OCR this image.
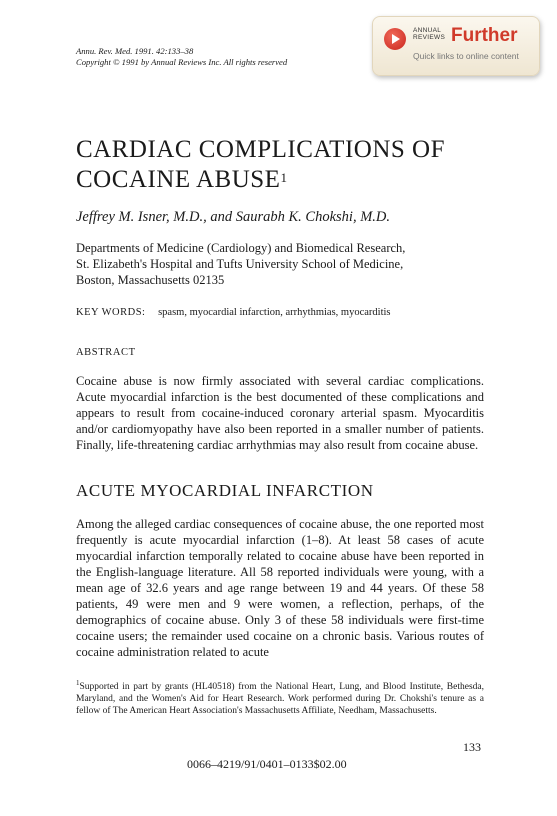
Annu. Rev. Med. 1991. 42:133–38
Copyright © 1991 by Annual Reviews Inc. All rights reserved
ANNUAL
REVIEWS Further
Quick links to online content
CARDIAC COMPLICATIONS OF
COCAINE ABUSE$^1$
Jeffrey M. Isner, M.D., and Saurabh K. Chokshi, M.D.
Departments of Medicine (Cardiology) and Biomedical Research,
St. Elizabeth's Hospital and Tufts University School of Medicine,
Boston, Massachusetts 02135
KEY WORDS: spasm, myocardial infarction, arrhythmias, myocarditis
ABSTRACT
Cocaine abuse is now firmly associated with several cardiac complications. Acute myocardial infarction is the best documented of these complications and appears to result from cocaine-induced coronary arterial spasm. Myocarditis and/or cardiomyopathy have also been reported in a smaller number of patients. Finally, life-threatening cardiac arrhythmias may also result from cocaine abuse.
ACUTE MYOCARDIAL INFARCTION
Among the alleged cardiac consequences of cocaine abuse, the one reported most frequently is acute myocardial infarction (1–8). At least 58 cases of acute myocardial infarction temporally related to cocaine abuse have been reported in the English-language literature. All 58 reported individuals were young, with a mean age of 32.6 years and age range between 19 and 44 years. Of these 58 patients, 49 were men and 9 were women, a reflection, perhaps, of the demographics of cocaine abuse. Only 3 of these 58 individuals were first-time cocaine users; the remainder used cocaine on a chronic basis. Various routes of cocaine administration related to acute
$^1$Supported in part by grants (HL40518) from the National Heart, Lung, and Blood Institute, Bethesda, Maryland, and the Women's Aid for Heart Research. Work performed during Dr. Chokshi's tenure as a fellow of The American Heart Association's Massachusetts Affiliate, Needham, Massachusetts.
133
0066–4219/91/0401–0133$02.00
